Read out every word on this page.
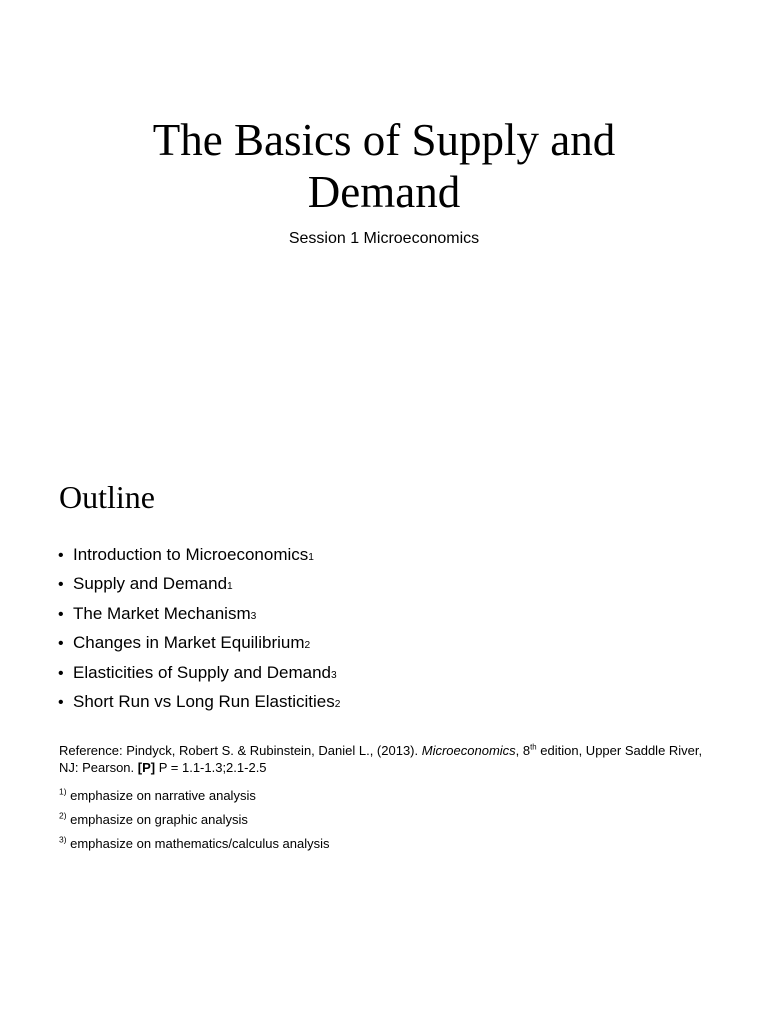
The Basics of Supply and Demand
Session 1 Microeconomics
Outline
• Introduction to Microeconomics 1
• Supply and Demand 1
• The Market Mechanism 3
• Changes in Market Equilibrium 2
• Elasticities of Supply and Demand 3
• Short Run vs Long Run Elasticities 2

Reference: Pindyck, Robert S. & Rubinstein, Daniel L., (2013). Microeconomics, 8th edition, Upper Saddle River, NJ: Pearson. [P] P = 1.1-1.3;2.1-2.5

$^{1)}$ emphasize on narrative analysis
$^{2)}$ emphasize on graphic analysis
$^{3)}$ emphasize on mathematics/calculus analysis
